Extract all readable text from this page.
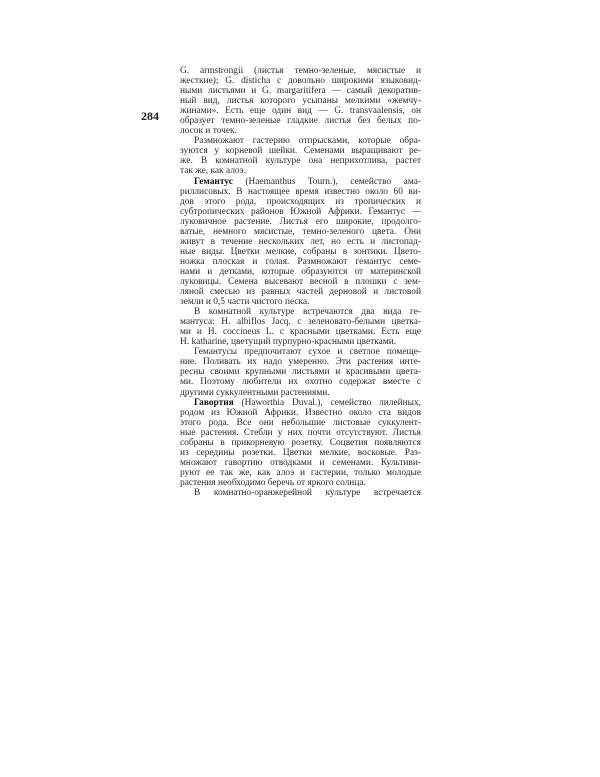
284
G. armstrongii (листья темно-зеленые, мясистые и
жесткие); G. disticha с довольно широкими языковид-
ными листьями и G. margaritifera — самый декоратив-
ный вид, листья которого усыпаны мелкими «жемчу-
жинами». Есть еще один вид — G. transvaalensis, он
образует темно-зеленые гладкие листья без белых по-
лосок и точек.
Размножают гастерию отпрысками, которые обра-
зуются у корневой шейки. Семенами выращивают ре-
же. В комнатной культуре она неприхотлива, растет
так же, как алоэ.
Гемантус (Haemanthus Tourn.), семейство ама-
риллисовых. В настоящее время известно около 60 ви-
дов этого рода, происходящих из тропических и
субтропических районов Южной Африки. Гемантус —
луковичное растение. Листья его широкие, продолго-
ватые, немного мясистые, темно-зеленого цвета. Они
живут в течение нескольких лет, но есть и листопад-
ные виды. Цветки мелкие, собраны в зонтики. Цвето-
ножка плоская и голая. Размножают гемантус семе-
нами и детками, которые образуются от материнской
луковицы. Семена высевают весной в плошки с зем-
ляной смесью из равных частей дерновой и листовой
земли и 0,5 части чистого песка.
В комнатной культуре встречаются два вида ге-
мантуса: H. albiflos Jacq. с зеленовато-белыми цветка-
ми и H. coccineus L. с красными цветками. Есть еще
H. katharine, цветущий пурпурно-красными цветками.
Гемантусы предпочитают сухое и светлое помеще-
ние. Поливать их надо умеренно. Эти растения инте-
ресны своими крупными листьями и красивыми цвета-
ми. Поэтому любители их охотно содержат вместе с
другими суккулентными растениями.
Гавортия (Haworthia Duval.), семейство лилейных,
родом из Южной Африки. Известно около ста видов
этого рода. Все они небольшие листовые суккулент-
ные растения. Стебли у них почти отсутствуют. Листья
собраны в прикорневую розетку. Соцветия появляются
из середины розетки. Цветки мелкие, восковые. Раз-
множают гавортию отводками и семенами. Культиви-
руют ее так же, как алоэ и гастерии, только молодые
растения необходимо беречь от яркого солнца.
В комнатно-оранжерейной культуре встречается
